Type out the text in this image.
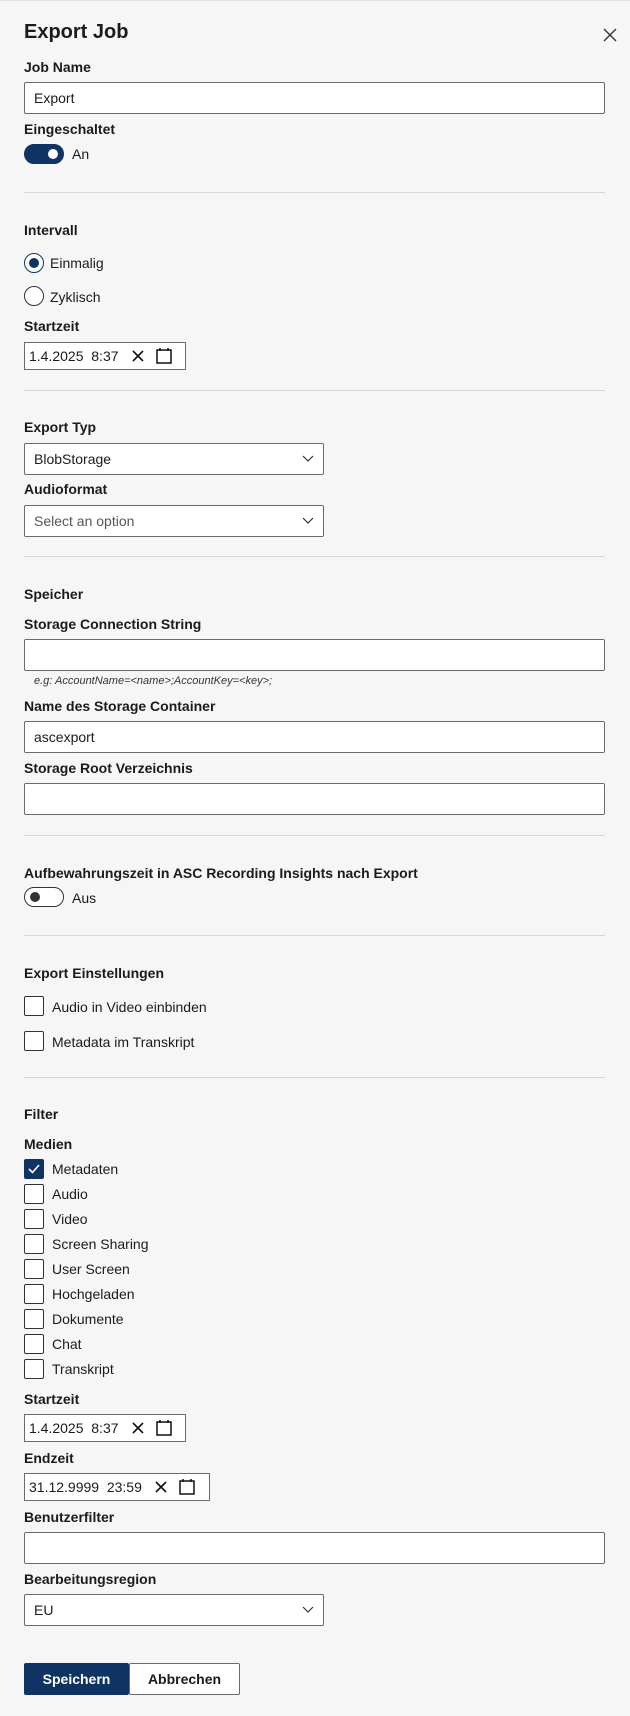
Export Job
Job Name
Export
Eingeschaltet
An
Intervall
Einmalig
Zyklisch
Startzeit
1.4.2025  8:37
Export Typ
BlobStorage
Audioformat
Select an option
Speicher
Storage Connection String
e.g: AccountName=<name>;AccountKey=<key>;
Name des Storage Container
ascexport
Storage Root Verzeichnis
Aufbewahrungszeit in ASC Recording Insights nach Export
Aus
Export Einstellungen
Audio in Video einbinden
Metadata im Transkript
Filter
Medien
Metadaten
Audio
Video
Screen Sharing
User Screen
Hochgeladen
Dokumente
Chat
Transkript
Startzeit
1.4.2025  8:37
Endzeit
31.12.9999  23:59
Benutzerfilter
Bearbeitungsregion
EU
Speichern	Abbrechen
